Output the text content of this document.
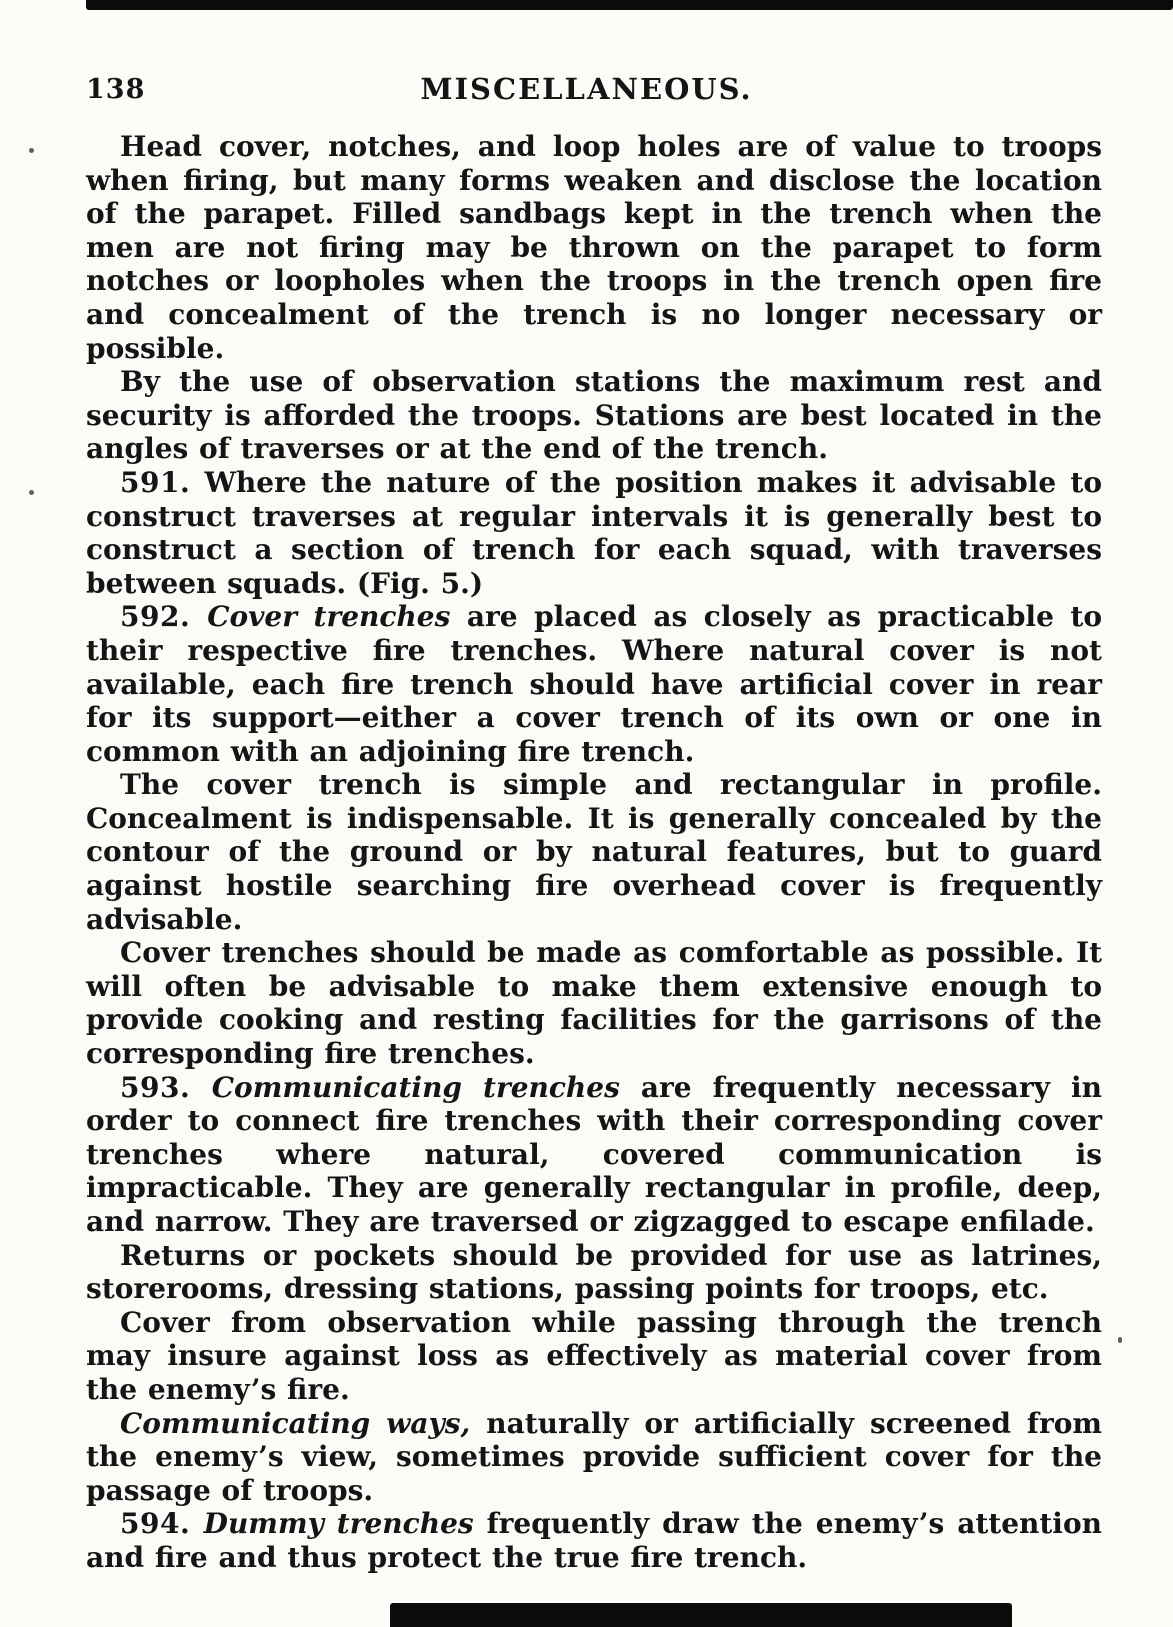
138	MISCELLANEOUS.

Head cover, notches, and loop holes are of value to troops when firing, but many forms weaken and disclose the location of the parapet. Filled sandbags kept in the trench when the men are not firing may be thrown on the parapet to form notches or loopholes when the troops in the trench open fire and concealment of the trench is no longer necessary or possible.

By the use of observation stations the maximum rest and security is afforded the troops. Stations are best located in the angles of traverses or at the end of the trench.

591. Where the nature of the position makes it advisable to construct traverses at regular intervals it is generally best to construct a section of trench for each squad, with traverses between squads. (Fig. 5.)

592. Cover trenches are placed as closely as practicable to their respective fire trenches. Where natural cover is not available, each fire trench should have artificial cover in rear for its support—either a cover trench of its own or one in common with an adjoining fire trench.

The cover trench is simple and rectangular in profile. Concealment is indispensable. It is generally concealed by the contour of the ground or by natural features, but to guard against hostile searching fire overhead cover is frequently advisable.

Cover trenches should be made as comfortable as possible. It will often be advisable to make them extensive enough to provide cooking and resting facilities for the garrisons of the corresponding fire trenches.

593. Communicating trenches are frequently necessary in order to connect fire trenches with their corresponding cover trenches where natural, covered communication is impracticable. They are generally rectangular in profile, deep, and narrow. They are traversed or zigzagged to escape enfilade.

Returns or pockets should be provided for use as latrines, storerooms, dressing stations, passing points for troops, etc.

Cover from observation while passing through the trench may insure against loss as effectively as material cover from the enemy’s fire.

Communicating ways, naturally or artificially screened from the enemy’s view, sometimes provide sufficient cover for the passage of troops.

594. Dummy trenches frequently draw the enemy’s attention and fire and thus protect the true fire trench.
